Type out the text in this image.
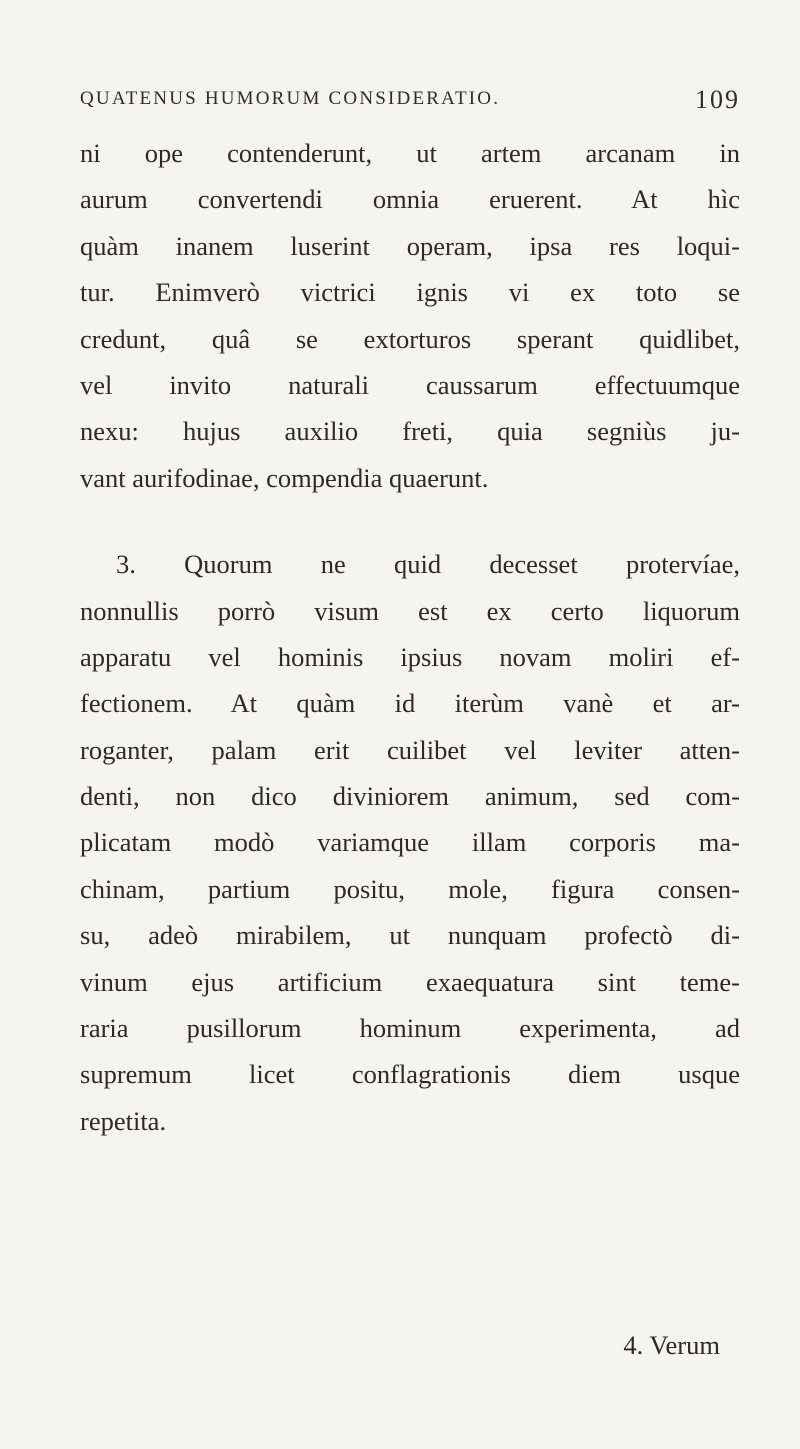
QUATENUS HUMORUM CONSIDERATIO.	109
ni ope contenderunt, ut artem arcanam in
aurum convertendi omnia eruerent. At hìc
quàm inanem luserint operam, ipsa res loqui-
tur. Enimverò victrici ignis vi ex toto se
credunt, quâ se extorturos sperant quidlibet,
vel invito naturali caussarum effectuumque
nexu: hujus auxilio freti, quia segniùs ju-
vant aurifodinae, compendia quaerunt.
3. Quorum ne quid decesset protervíae,
nonnullis porrò visum est ex certo liquorum
apparatu vel hominis ipsius novam moliri ef-
fectionem. At quàm id iterùm vanè et ar-
roganter, palam erit cuilibet vel leviter atten-
denti, non dico diviniorem animum, sed com-
plicatam modò variamque illam corporis ma-
chinam, partium positu, mole, figura consen-
su, adeò mirabilem, ut nunquam profectò di-
vinum ejus artificium exaequatura sint teme-
raria pusillorum hominum experimenta, ad
supremum licet conflagrationis diem usque
repetita.
4. Verum
